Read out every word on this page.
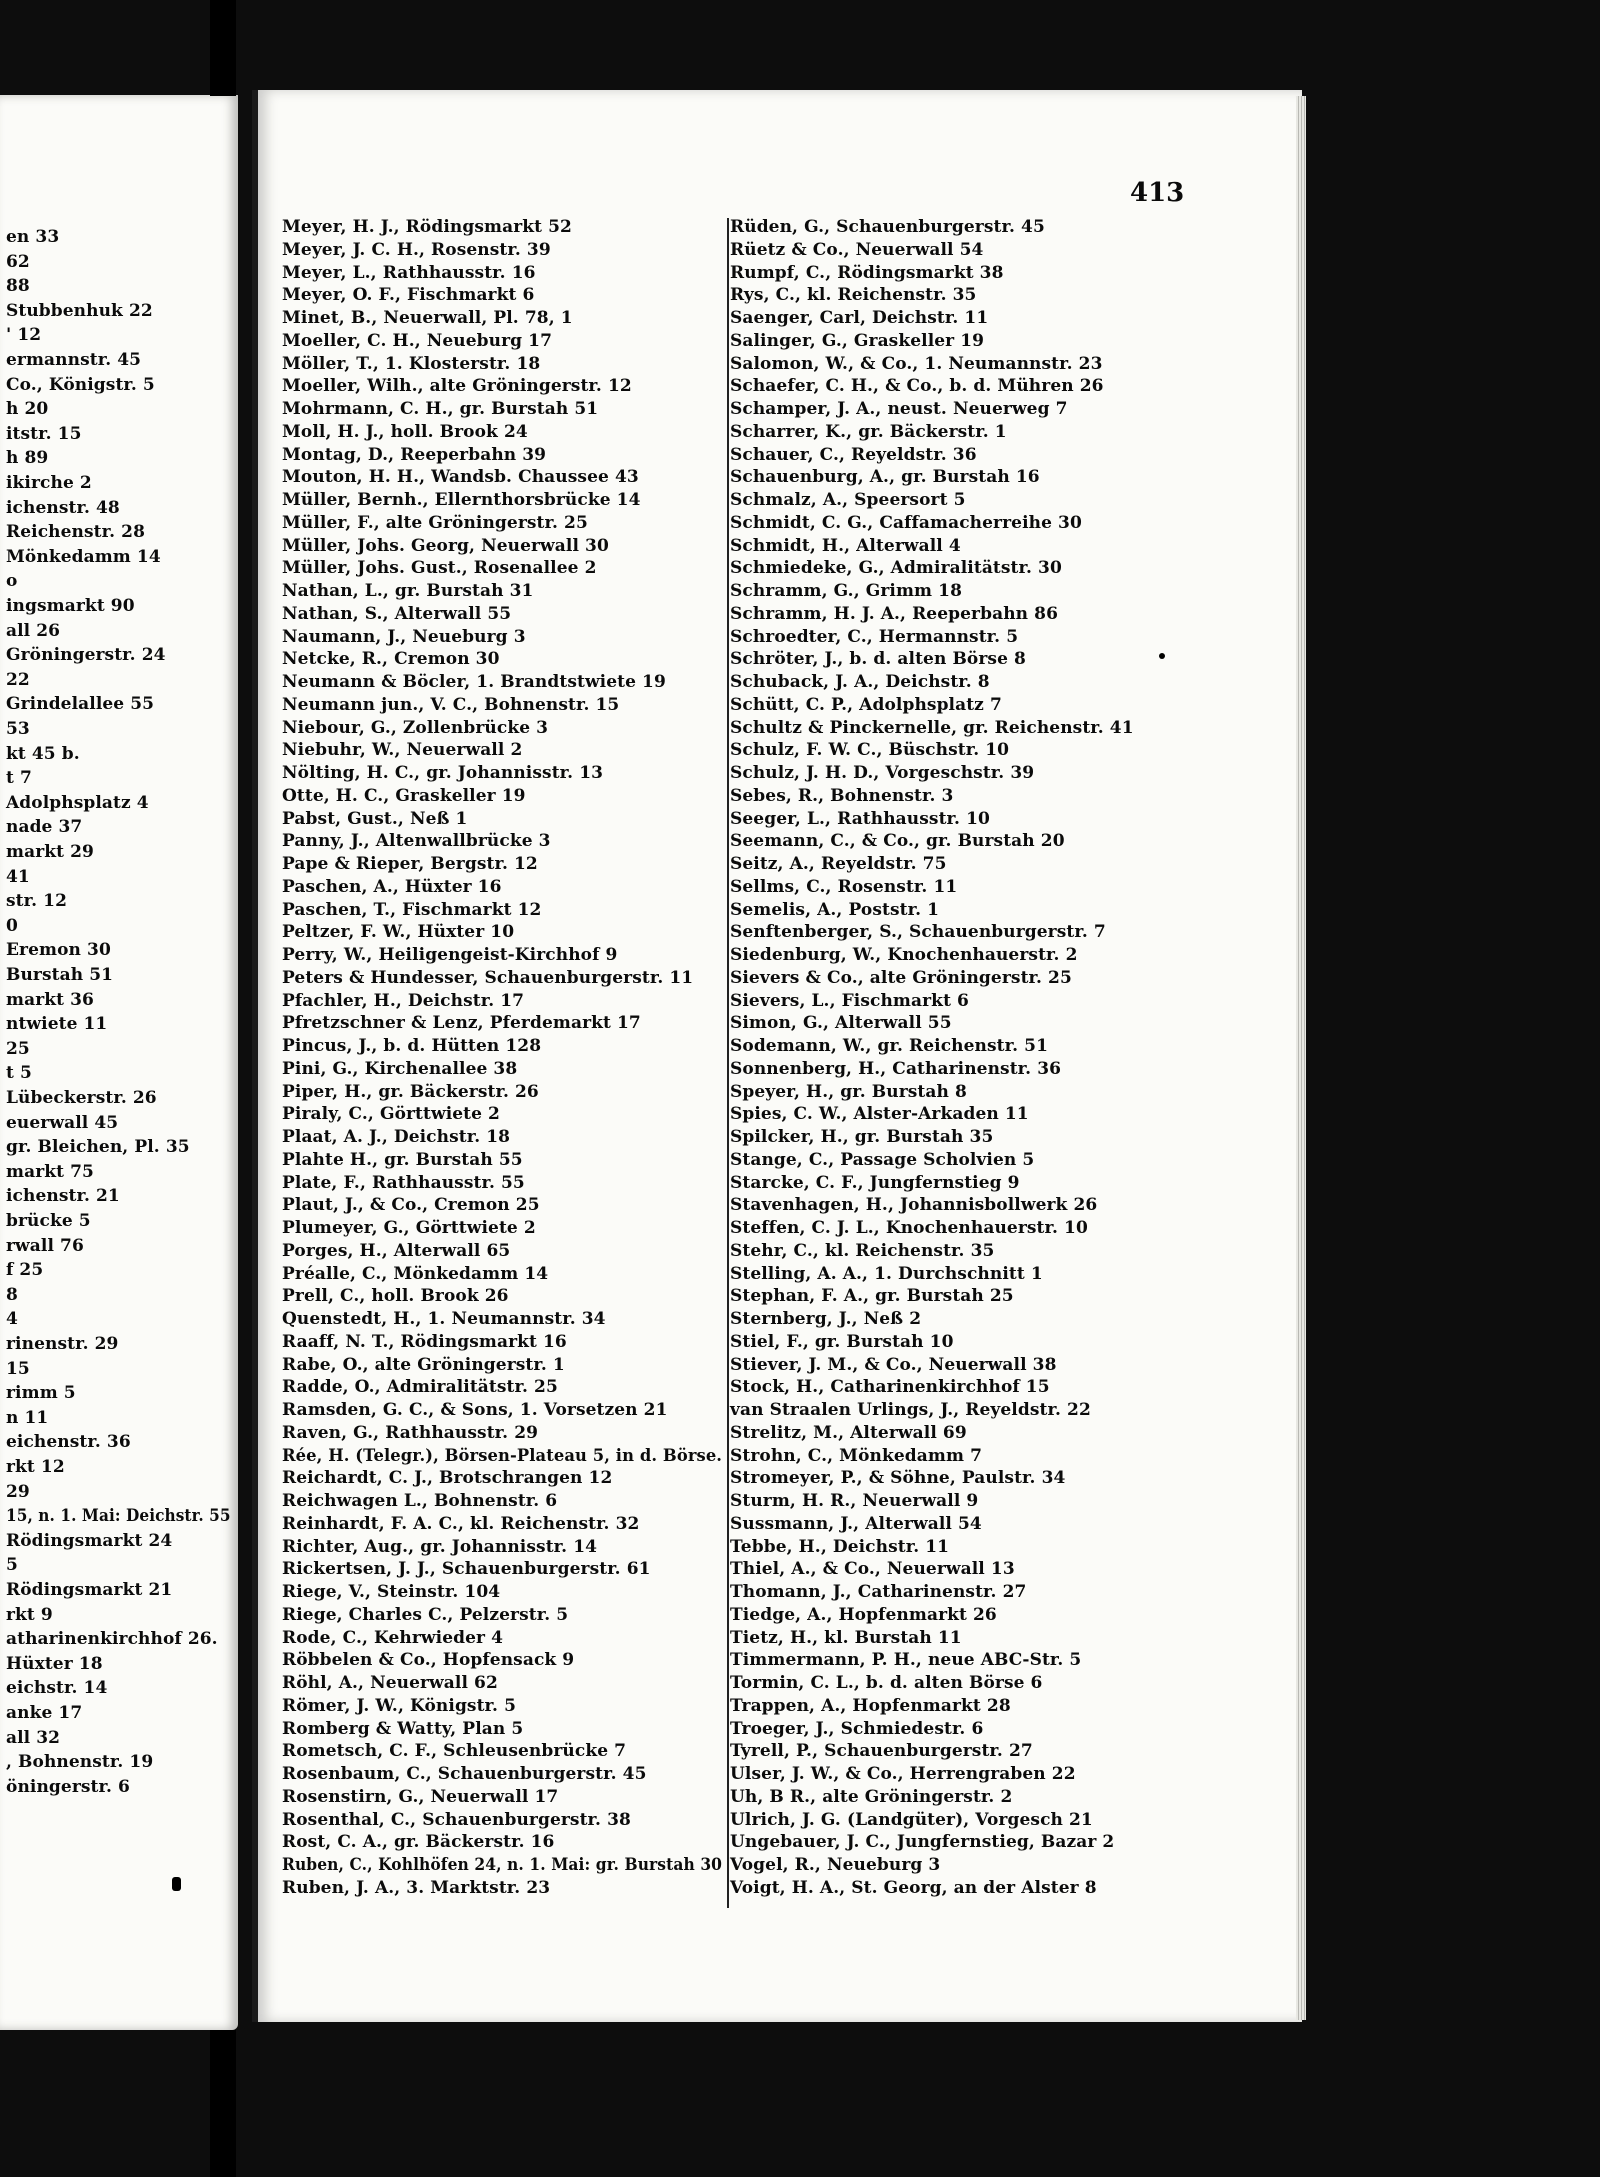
413
en 33
62
88
Stubbenhuk 22
' 12
ermannstr. 45
Co., Königstr. 5
h 20
itstr. 15
h 89
ikirche 2
ichenstr. 48
Reichenstr. 28
Mönkedamm 14
o
ingsmarkt 90
all 26
Gröningerstr. 24
22
Grindelallee 55
53
kt 45 b.
t 7
Adolphsplatz 4
nade 37
markt 29
41
str. 12
0
Eremon 30
Burstah 51
markt 36
ntwiete 11
25
t 5
Lübeckerstr. 26
euerwall 45
gr. Bleichen, Pl. 35
markt 75
ichenstr. 21
brücke 5
rwall 76
f 25
8
4
rinenstr. 29
15
rimm 5
n 11
eichenstr. 36
rkt 12
29
15, n. 1. Mai: Deichstr. 55
Rödingsmarkt 24
5
Rödingsmarkt 21
rkt 9
atharinenkirchhof 26.
Hüxter 18
eichstr. 14
anke 17
all 32
, Bohnenstr. 19
öningerstr. 6
Meyer, H. J., Rödingsmarkt 52
Meyer, J. C. H., Rosenstr. 39
Meyer, L., Rathhausstr. 16
Meyer, O. F., Fischmarkt 6
Minet, B., Neuerwall, Pl. 78, 1
Moeller, C. H., Neueburg 17
Möller, T., 1. Klosterstr. 18
Moeller, Wilh., alte Gröningerstr. 12
Mohrmann, C. H., gr. Burstah 51
Moll, H. J., holl. Brook 24
Montag, D., Reeperbahn 39
Mouton, H. H., Wandsb. Chaussee 43
Müller, Bernh., Ellernthorsbrücke 14
Müller, F., alte Gröningerstr. 25
Müller, Johs. Georg, Neuerwall 30
Müller, Johs. Gust., Rosenallee 2
Nathan, L., gr. Burstah 31
Nathan, S., Alterwall 55
Naumann, J., Neueburg 3
Netcke, R., Cremon 30
Neumann & Böcler, 1. Brandtstwiete 19
Neumann jun., V. C., Bohnenstr. 15
Niebour, G., Zollenbrücke 3
Niebuhr, W., Neuerwall 2
Nölting, H. C., gr. Johannisstr. 13
Otte, H. C., Graskeller 19
Pabst, Gust., Neß 1
Panny, J., Altenwallbrücke 3
Pape & Rieper, Bergstr. 12
Paschen, A., Hüxter 16
Paschen, T., Fischmarkt 12
Peltzer, F. W., Hüxter 10
Perry, W., Heiligengeist-Kirchhof 9
Peters & Hundesser, Schauenburgerstr. 11
Pfachler, H., Deichstr. 17
Pfretzschner & Lenz, Pferdemarkt 17
Pincus, J., b. d. Hütten 128
Pini, G., Kirchenallee 38
Piper, H., gr. Bäckerstr. 26
Piraly, C., Görttwiete 2
Plaat, A. J., Deichstr. 18
Plahte H., gr. Burstah 55
Plate, F., Rathhausstr. 55
Plaut, J., & Co., Cremon 25
Plumeyer, G., Görttwiete 2
Porges, H., Alterwall 65
Préalle, C., Mönkedamm 14
Prell, C., holl. Brook 26
Quenstedt, H., 1. Neumannstr. 34
Raaff, N. T., Rödingsmarkt 16
Rabe, O., alte Gröningerstr. 1
Radde, O., Admiralitätstr. 25
Ramsden, G. C., & Sons, 1. Vorsetzen 21
Raven, G., Rathhausstr. 29
Rée, H. (Telegr.), Börsen-Plateau 5, in d. Börse.
Reichardt, C. J., Brotschrangen 12
Reichwagen L., Bohnenstr. 6
Reinhardt, F. A. C., kl. Reichenstr. 32
Richter, Aug., gr. Johannisstr. 14
Rickertsen, J. J., Schauenburgerstr. 61
Riege, V., Steinstr. 104
Riege, Charles C., Pelzerstr. 5
Rode, C., Kehrwieder 4
Röbbelen & Co., Hopfensack 9
Röhl, A., Neuerwall 62
Römer, J. W., Königstr. 5
Romberg & Watty, Plan 5
Rometsch, C. F., Schleusenbrücke 7
Rosenbaum, C., Schauenburgerstr. 45
Rosenstirn, G., Neuerwall 17
Rosenthal, C., Schauenburgerstr. 38
Rost, C. A., gr. Bäckerstr. 16
Ruben, C., Kohlhöfen 24, n. 1. Mai: gr. Burstah 30
Ruben, J. A., 3. Marktstr. 23
Rüden, G., Schauenburgerstr. 45
Rüetz & Co., Neuerwall 54
Rumpf, C., Rödingsmarkt 38
Rys, C., kl. Reichenstr. 35
Saenger, Carl, Deichstr. 11
Salinger, G., Graskeller 19
Salomon, W., & Co., 1. Neumannstr. 23
Schaefer, C. H., & Co., b. d. Mühren 26
Schamper, J. A., neust. Neuerweg 7
Scharrer, K., gr. Bäckerstr. 1
Schauer, C., Reyeldstr. 36
Schauenburg, A., gr. Burstah 16
Schmalz, A., Speersort 5
Schmidt, C. G., Caffamacherreihe 30
Schmidt, H., Alterwall 4
Schmiedeke, G., Admiralitätstr. 30
Schramm, G., Grimm 18
Schramm, H. J. A., Reeperbahn 86
Schroedter, C., Hermannstr. 5
Schröter, J., b. d. alten Börse 8
Schuback, J. A., Deichstr. 8
Schütt, C. P., Adolphsplatz 7
Schultz & Pinckernelle, gr. Reichenstr. 41
Schulz, F. W. C., Büschstr. 10
Schulz, J. H. D., Vorgeschstr. 39
Sebes, R., Bohnenstr. 3
Seeger, L., Rathhausstr. 10
Seemann, C., & Co., gr. Burstah 20
Seitz, A., Reyeldstr. 75
Sellms, C., Rosenstr. 11
Semelis, A., Poststr. 1
Senftenberger, S., Schauenburgerstr. 7
Siedenburg, W., Knochenhauerstr. 2
Sievers & Co., alte Gröningerstr. 25
Sievers, L., Fischmarkt 6
Simon, G., Alterwall 55
Sodemann, W., gr. Reichenstr. 51
Sonnenberg, H., Catharinenstr. 36
Speyer, H., gr. Burstah 8
Spies, C. W., Alster-Arkaden 11
Spilcker, H., gr. Burstah 35
Stange, C., Passage Scholvien 5
Starcke, C. F., Jungfernstieg 9
Stavenhagen, H., Johannisbollwerk 26
Steffen, C. J. L., Knochenhauerstr. 10
Stehr, C., kl. Reichenstr. 35
Stelling, A. A., 1. Durchschnitt 1
Stephan, F. A., gr. Burstah 25
Sternberg, J., Neß 2
Stiel, F., gr. Burstah 10
Stiever, J. M., & Co., Neuerwall 38
Stock, H., Catharinenkirchhof 15
van Straalen Urlings, J., Reyeldstr. 22
Strelitz, M., Alterwall 69
Strohn, C., Mönkedamm 7
Stromeyer, P., & Söhne, Paulstr. 34
Sturm, H. R., Neuerwall 9
Sussmann, J., Alterwall 54
Tebbe, H., Deichstr. 11
Thiel, A., & Co., Neuerwall 13
Thomann, J., Catharinenstr. 27
Tiedge, A., Hopfenmarkt 26
Tietz, H., kl. Burstah 11
Timmermann, P. H., neue ABC-Str. 5
Tormin, C. L., b. d. alten Börse 6
Trappen, A., Hopfenmarkt 28
Troeger, J., Schmiedestr. 6
Tyrell, P., Schauenburgerstr. 27
Ulser, J. W., & Co., Herrengraben 22
Uh, B R., alte Gröningerstr. 2
Ulrich, J. G. (Landgüter), Vorgesch 21
Ungebauer, J. C., Jungfernstieg, Bazar 2
Vogel, R., Neueburg 3
Voigt, H. A., St. Georg, an der Alster 8
